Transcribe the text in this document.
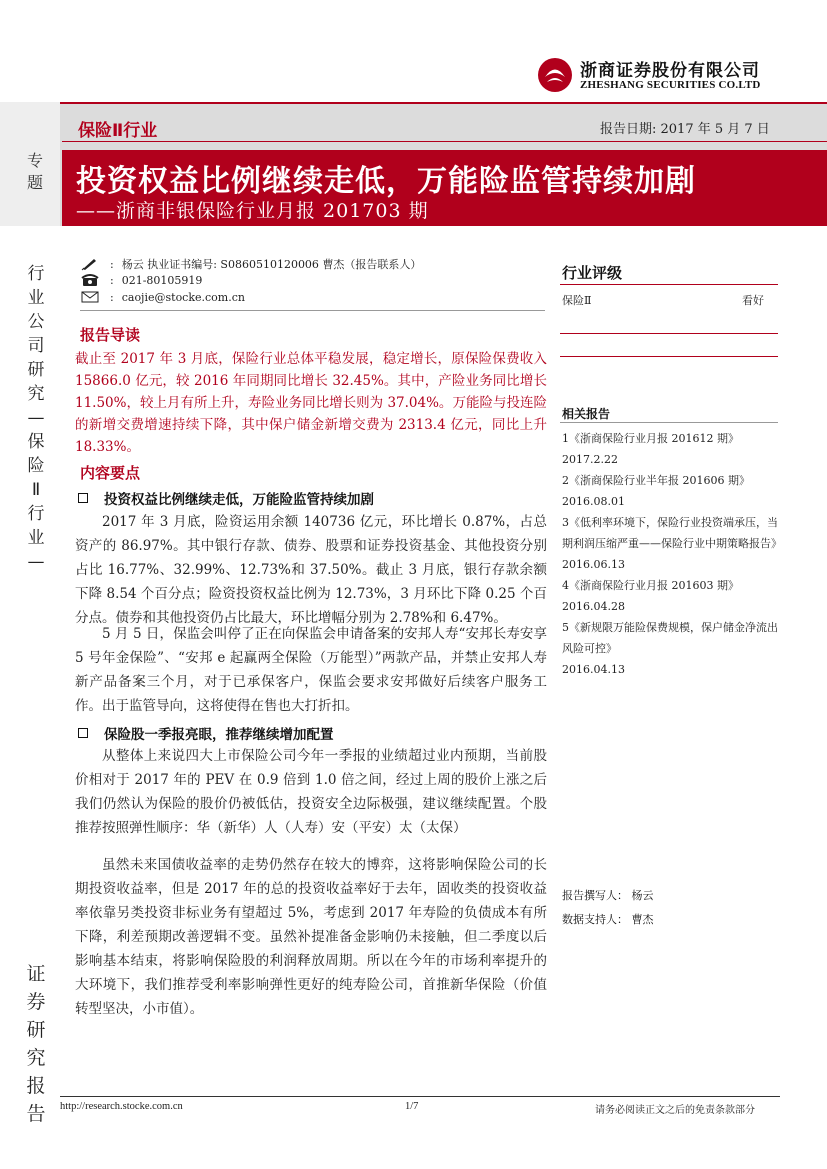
浙商证券股份有限公司
ZHESHANG SECURITIES CO.LTD
保险Ⅱ行业	报告日期: 2017 年 5 月 7 日
专
题 投资权益比例继续走低，万能险监管持续加剧
——浙商非银保险行业月报 201703 期
行
业
公
司
研
究
—
保
险
Ⅱ
行
业
—
证
券
研
究
报
告
: 杨云 执业证书编号: S0860510120006 曹杰（报告联系人）
: 021-80105919
: caojie@stocke.com.cn
报告导读
截止至 2017 年 3 月底，保险行业总体平稳发展，稳定增长，原保险保费收入 15866.0 亿元，较 2016 年同期同比增长 32.45%。其中，产险业务同比增长 11.50%，较上月有所上升，寿险业务同比增长则为 37.04%。万能险与投连险的新增交费增速持续下降，其中保户储金新增交费为 2313.4 亿元，同比上升 18.33%。
内容要点
投资权益比例继续走低，万能险监管持续加剧
2017 年 3 月底，险资运用余额 140736 亿元，环比增长 0.87%，占总资产的 86.97%。其中银行存款、债券、股票和证券投资基金、其他投资分别占比 16.77%、32.99%、12.73%和 37.50%。截止 3 月底，银行存款余额下降 8.54 个百分点；险资投资权益比例为 12.73%，3 月环比下降 0.25 个百分点。债券和其他投资仍占比最大，环比增幅分别为 2.78%和 6.47%。
5 月 5 日，保监会叫停了正在向保监会申请备案的安邦人寿“安邦长寿安享 5 号年金保险”、“安邦 e 起赢两全保险（万能型）”两款产品，并禁止安邦人寿新产品备案三个月，对于已承保客户，保监会要求安邦做好后续客户服务工作。出于监管导向，这将使得在售也大打折扣。
保险股一季报亮眼，推荐继续增加配置
从整体上来说四大上市保险公司今年一季报的业绩超过业内预期，当前股价相对于 2017 年的 PEV 在 0.9 倍到 1.0 倍之间，经过上周的股价上涨之后我们仍然认为保险的股价仍被低估，投资安全边际极强，建议继续配置。个股推荐按照弹性顺序：华（新华）人（人寿）安（平安）太（太保）
虽然未来国债收益率的走势仍然存在较大的博弈，这将影响保险公司的长期投资收益率，但是 2017 年的总的投资收益率好于去年，固收类的投资收益率依靠另类投资非标业务有望超过 5%，考虑到 2017 年寿险的负债成本有所下降，利差预期改善逻辑不变。虽然补提准备金影响仍未接触，但二季度以后影响基本结束，将影响保险股的利润释放周期。所以在今年的市场利率提升的大环境下，我们推荐受利率影响弹性更好的纯寿险公司，首推新华保险（价值转型坚决，小市值）。
行业评级
保险Ⅱ	看好
相关报告
1《浙商保险行业月报 201612 期》
2017.2.22
2《浙商保险行业半年报 201606 期》
2016.08.01
3《低利率环境下，保险行业投资端承压，当期利润压缩严重——保险行业中期策略报告》
2016.06.13
4《浙商保险行业月报 201603 期》
2016.04.28
5《新规限万能险保费规模，保户储金净流出风险可控》
2016.04.13
报告撰写人： 杨云
数据支持人： 曹杰
http://research.stocke.com.cn	1/7	请务必阅读正文之后的免责条款部分
